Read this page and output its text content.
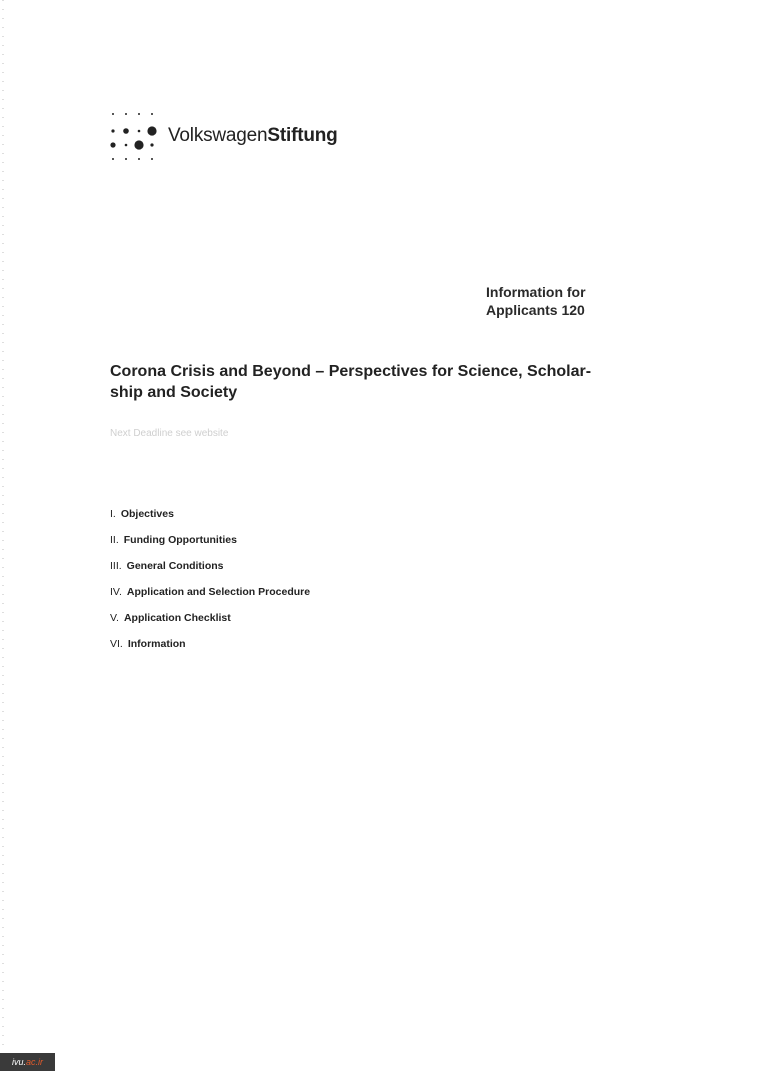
VolkswagenStiftung
Information for
Applicants 120
Corona Crisis and Beyond – Perspectives for Science, Scholar-
ship and Society
Next Deadline see website
I. Objectives
II. Funding Opportunities
III. General Conditions
IV. Application and Selection Procedure
V. Application Checklist
VI. Information
ivu.ac.ir
